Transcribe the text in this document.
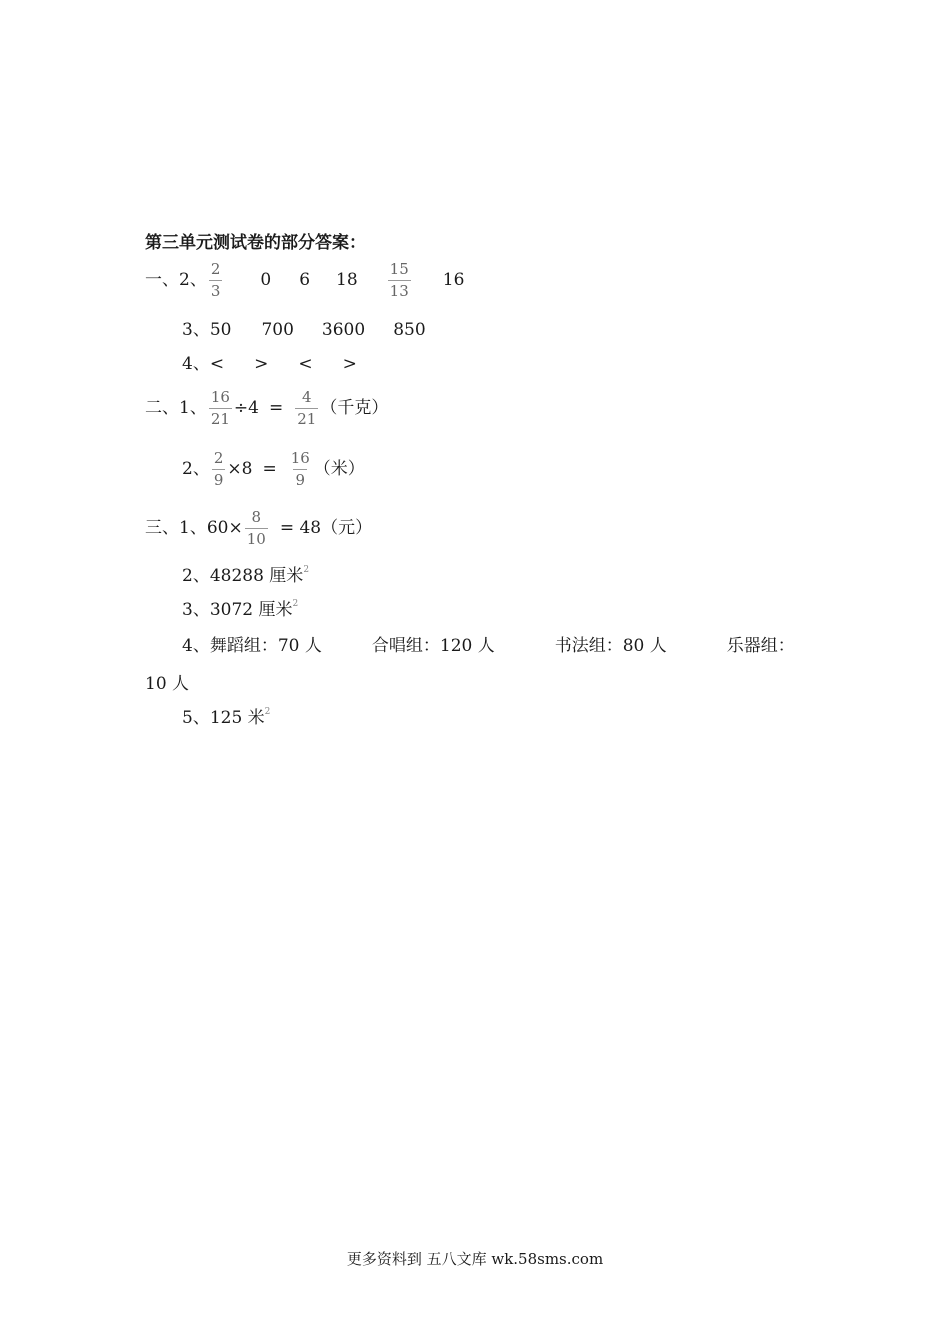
第三单元测试卷的部分答案：
一、2、 $\frac{2}{3} 0$ 6 $18 \frac{15}{13} 16$
3、 50 700 3600 850
4、 < > < >
二、1、 $\frac{16}{21} \div 4 = \frac{4}{21}$ （千克）
2、 $\frac{2}{9} \times 8 = \frac{16}{9}$ （米）
三、1、 $60\times \frac{8}{10} = 48$（元）
2、48288 厘米$^2$
3、3072 厘米$^2$
4、 舞蹈组：70 人	合唱组：120 人	书法组：80 人	乐器组：
10 人
5、125 米$^2$
更多资料到 五八文库 wk.58sms.com
